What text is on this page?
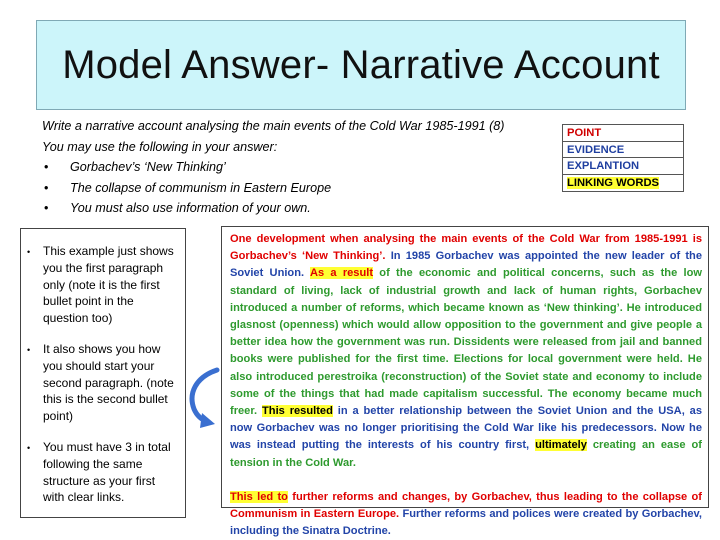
Model Answer- Narrative Account
Write a narrative account analysing the main events of the Cold War 1985-1991 (8)
You may use the following in your answer:
•	Gorbachev’s ‘New Thinking’
•	The collapse of communism in Eastern Europe
•	You must also use information of your own.
POINT
EVIDENCE
EXPLANTION
LINKING WORDS
•	This example just shows you the first paragraph only (note it is the first bullet point in the question too)
•	It also shows you how you should start your second paragraph. (note this is the second bullet point)
•	You must have 3 in total following the same structure as your first with clear links.
One development when analysing the main events of the Cold War from 1985-1991 is Gorbachev’s ‘New Thinking’. In 1985 Gorbachev was appointed the new leader of the Soviet Union. As a result of the economic and political concerns, such as the low standard of living, lack of industrial growth and lack of human rights, Gorbachev introduced a number of reforms, which became known as ‘New thinking’. He introduced glasnost (openness) which would allow opposition to the government and give people a better idea how the government was run. Dissidents were released from jail and banned books were published for the first time. Elections for local government were held. He also introduced perestroika (reconstruction) of the Soviet state and economy to include some of the things that had made capitalism successful. The economy became much freer. This resulted in a better relationship between the Soviet Union and the USA, as now Gorbachev was no longer prioritising the Cold War like his predecessors. Now he was instead putting the interests of his country first, ultimately creating an ease of tension in the Cold War.
This led to further reforms and changes, by Gorbachev, thus leading to the collapse of Communism in Eastern Europe. Further reforms and polices were created by Gorbachev, including the Sinatra Doctrine.
